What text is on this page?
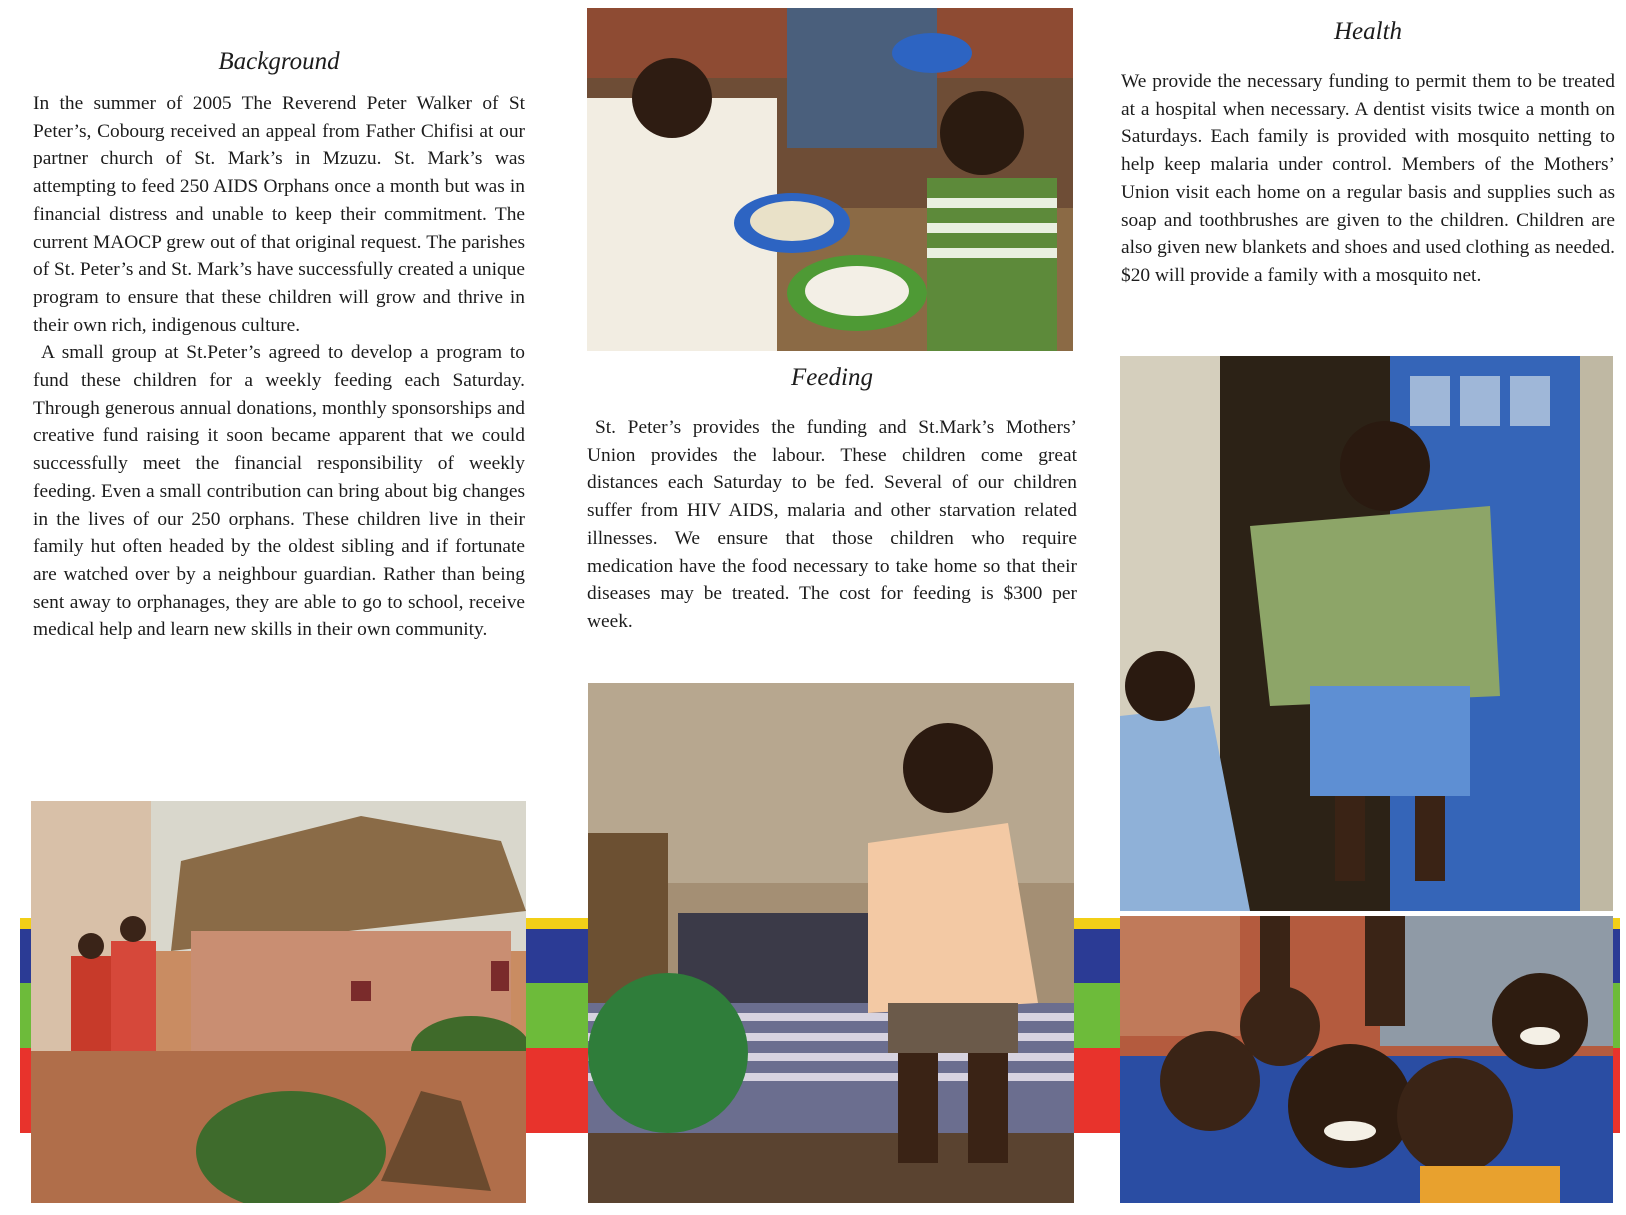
Background

In the summer of 2005 The Reverend Peter Walker of St Peter’s, Cobourg received an appeal from Father Chifisi at our partner church of St. Mark’s in Mzuzu. St. Mark’s was attempting to feed 250 AIDS Orphans once a month but was in financial distress and unable to keep their commitment. The current MAOCP grew out of that original request. The parishes of St. Peter’s and St. Mark’s have successfully created a unique program to ensure that these children will grow and thrive in their own rich, indigenous culture.

A small group at St.Peter’s agreed to develop a program to fund these children for a weekly feeding each Saturday. Through generous annual donations, monthly sponsorships and creative fund raising it soon became apparent that we could successfully meet the financial responsibility of weekly feeding. Even a small contribution can bring about big changes in the lives of our 250 orphans. These children live in their family hut often headed by the oldest sibling and if fortunate are watched over by a neighbour guardian. Rather than being sent away to orphanages, they are able to go to school, receive medical help and learn new skills in their own community.

Feeding

St. Peter’s provides the funding and St.Mark’s Mothers’ Union provides the labour. These children come great distances each Saturday to be fed. Several of our children suffer from HIV AIDS, malaria and other starvation related illnesses. We ensure that those children who require medication have the food necessary to take home so that their diseases may be treated. The cost for feeding is $300 per week.

Health

We provide the necessary funding to permit them to be treated at a hospital when necessary. A dentist visits twice a month on Saturdays. Each family is provided with mosquito netting to help keep malaria under control. Members of the Mothers’ Union visit each home on a regular basis and supplies such as soap and toothbrushes are given to the children. Children are also given new blankets and shoes and used clothing as needed. $20 will provide a family with a mosquito net.
